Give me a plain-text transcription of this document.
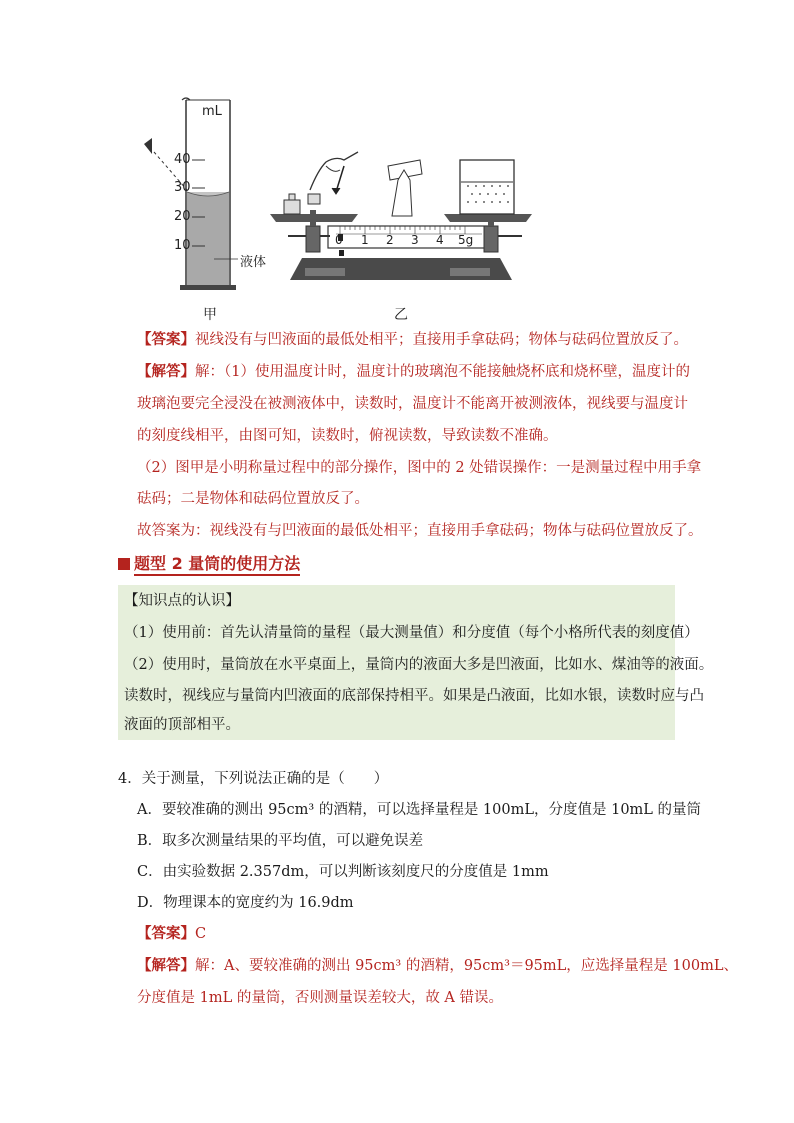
mL
40
30
20
10
液体
0 1 2 3 4 5g
甲	乙
【答案】视线没有与凹液面的最低处相平；直接用手拿砝码；物体与砝码位置放反了。
【解答】解：（1）使用温度计时，温度计的玻璃泡不能接触烧杯底和烧杯壁，温度计的
玻璃泡要完全浸没在被测液体中，读数时，温度计不能离开被测液体，视线要与温度计
的刻度线相平，由图可知，读数时，俯视读数，导致读数不准确。
（2）图甲是小明称量过程中的部分操作，图中的 2 处错误操作：一是测量过程中用手拿
砝码；二是物体和砝码位置放反了。
故答案为：视线没有与凹液面的最低处相平；直接用手拿砝码；物体与砝码位置放反了。
题型 2 量筒的使用方法
【知识点的认识】
（1）使用前：首先认清量筒的量程（最大测量值）和分度值（每个小格所代表的刻度值）
（2）使用时，量筒放在水平桌面上，量筒内的液面大多是凹液面，比如水、煤油等的液面。
读数时，视线应与量筒内凹液面的底部保持相平。如果是凸液面，比如水银，读数时应与凸
液面的顶部相平。
4．关于测量，下列说法正确的是（　　）
A．要较准确的测出 95cm³ 的酒精，可以选择量程是 100mL，分度值是 10mL 的量筒
B．取多次测量结果的平均值，可以避免误差
C．由实验数据 2.357dm，可以判断该刻度尺的分度值是 1mm
D．物理课本的宽度约为 16.9dm
【答案】C
【解答】解：A、要较准确的测出 95cm³ 的酒精，95cm³＝95mL，应选择量程是 100mL、
分度值是 1mL 的量筒，否则测量误差较大，故 A 错误。
